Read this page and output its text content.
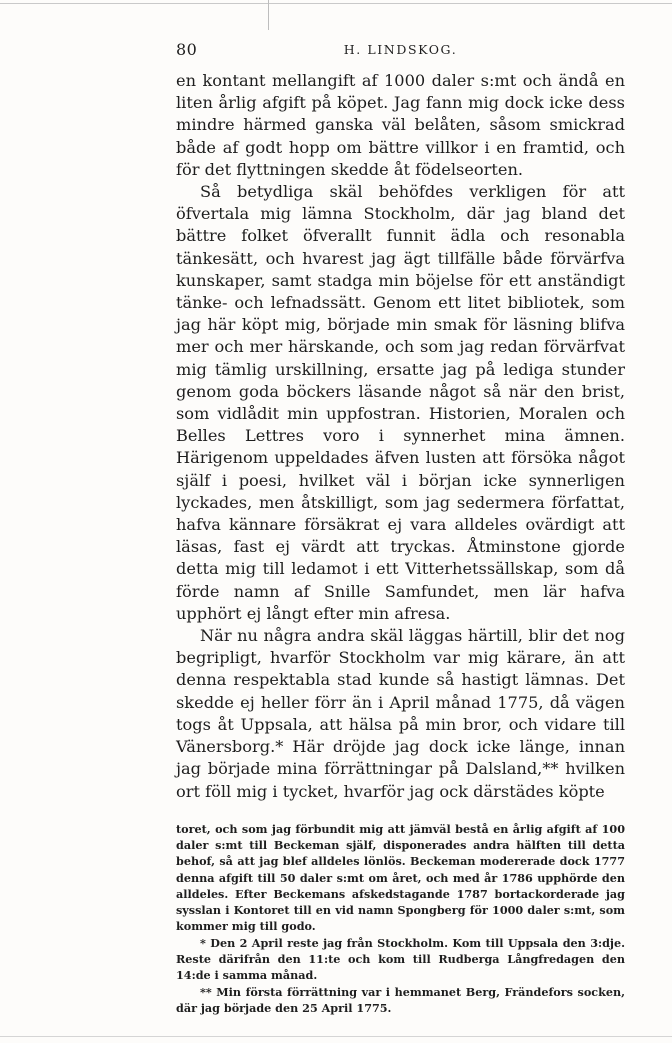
80	H. LINDSKOG.

en kontant mellangift af 1000 daler s:mt och ändå en liten årlig afgift på köpet. Jag fann mig dock icke dess mindre härmed ganska väl belåten, såsom smickrad både af godt hopp om bättre villkor i en framtid, och för det flyttningen skedde åt födelseorten.

Så betydliga skäl behöfdes verkligen för att öfvertala mig lämna Stockholm, där jag bland det bättre folket öfverallt funnit ädla och resonabla tänkesätt, och hvarest jag ägt tillfälle både förvärfva kunskaper, samt stadga min böjelse för ett anständigt tänke- och lefnadssätt. Genom ett litet bibliotek, som jag här köpt mig, började min smak för läsning blifva mer och mer härskande, och som jag redan förvärfvat mig tämlig urskillning, ersatte jag på lediga stunder genom goda böckers läsande något så när den brist, som vidlådit min uppfostran. Historien, Moralen och Belles Lettres voro i synnerhet mina ämnen. Härigenom uppeldades äfven lusten att försöka något själf i poesi, hvilket väl i början icke synnerligen lyckades, men åtskilligt, som jag sedermera författat, hafva kännare försäkrat ej vara alldeles ovärdigt att läsas, fast ej värdt att tryckas. Åtminstone gjorde detta mig till ledamot i ett Vitterhetssällskap, som då förde namn af Snille Samfundet, men lär hafva upphört ej långt efter min afresa.

När nu några andra skäl läggas härtill, blir det nog begripligt, hvarför Stockholm var mig kärare, än att denna respektabla stad kunde så hastigt lämnas. Det skedde ej heller förr än i April månad 1775, då vägen togs åt Uppsala, att hälsa på min bror, och vidare till Vänersborg.* Här dröjde jag dock icke länge, innan jag började mina förrättningar på Dalsland,** hvilken ort föll mig i tycket, hvarför jag ock därstädes köpte

toret, och som jag förbundit mig att jämväl bestå en årlig afgift af 100 daler s:mt till Beckeman själf, disponerades andra hälften till detta behof, så att jag blef alldeles lönlös. Beckeman modererade dock 1777 denna afgift till 50 daler s:mt om året, och med år 1786 upphörde den alldeles. Efter Beckemans afskedstagande 1787 bortackorderade jag sysslan i Kontoret till en vid namn Spongberg för 1000 daler s:mt, som kommer mig till godo.

* Den 2 April reste jag från Stockholm. Kom till Uppsala den 3:dje. Reste därifrån den 11:te och kom till Rudberga Långfredagen den 14:de i samma månad.

** Min första förrättning var i hemmanet Berg, Frändefors socken, där jag började den 25 April 1775.
